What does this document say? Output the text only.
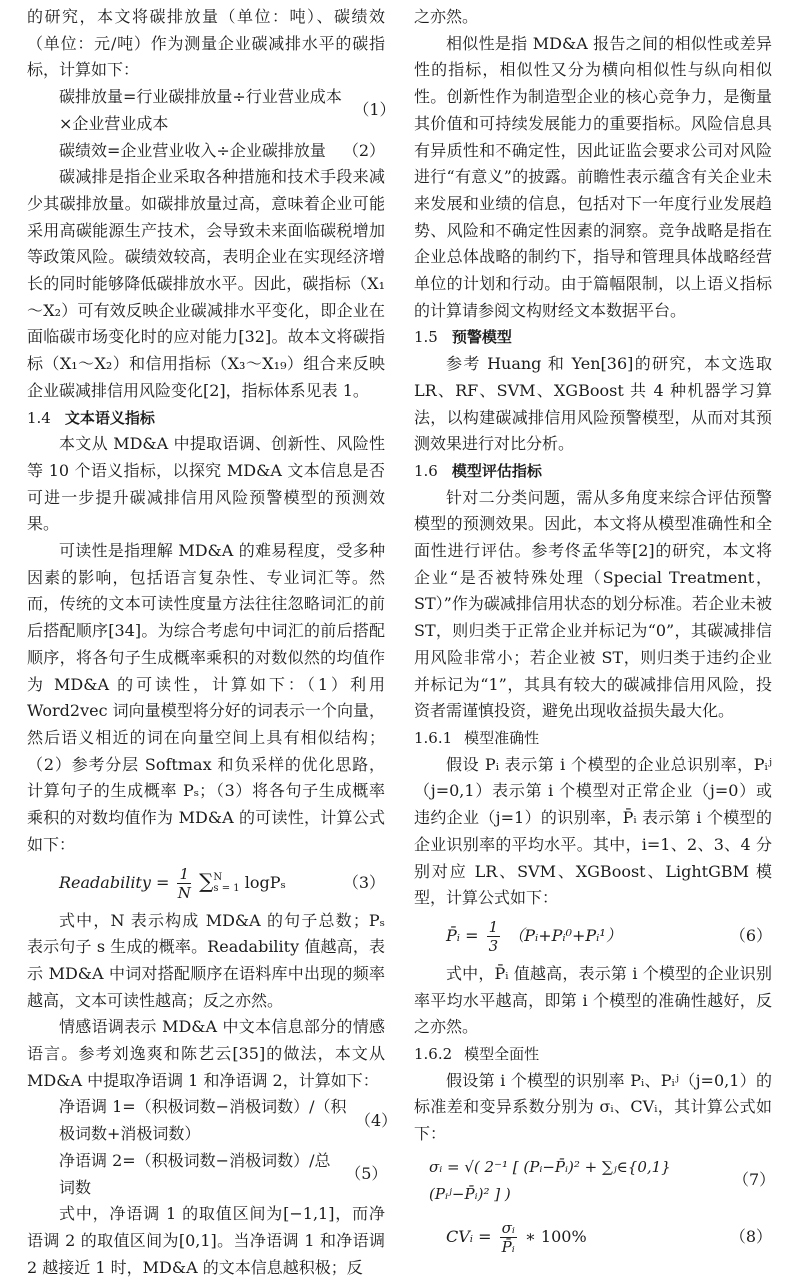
的研究，本文将碳排放量（单位：吨）、碳绩效（单位：元/吨）作为测量企业碳减排水平的碳指标，计算如下：

碳排放量=行业碳排放量÷行业营业成本×企业营业成本
（1）
碳绩效=企业营业收入÷企业碳排放量 （2）

碳减排是指企业采取各种措施和技术手段来减少其碳排放量。如碳排放量过高，意味着企业可能采用高碳能源生产技术，会导致未来面临碳税增加等政策风险。碳绩效较高，表明企业在实现经济增长的同时能够降低碳排放水平。因此，碳指标（X₁～X₂）可有效反映企业碳减排水平变化，即企业在面临碳市场变化时的应对能力[32]。故本文将碳指标（X₁～X₂）和信用指标（X₃～X₁₉）组合来反映企业碳减排信用风险变化[2]，指标体系见表 1。

1.4 文本语义指标

本文从 MD&A 中提取语调、创新性、风险性等 10 个语义指标，以探究 MD&A 文本信息是否可进一步提升碳减排信用风险预警模型的预测效果。

可读性是指理解 MD&A 的难易程度，受多种因素的影响，包括语言复杂性、专业词汇等。然而，传统的文本可读性度量方法往往忽略词汇的前后搭配顺序[34]。为综合考虑句中词汇的前后搭配顺序，将各句子生成概率乘积的对数似然的均值作为 MD&A 的可读性，计算如下：（1）利用 Word2vec 词向量模型将分好的词表示一个向量，然后语义相近的词在向量空间上具有相似结构；（2）参考分层 Softmax 和负采样的优化思路，计算句子的生成概率 Pₛ；（3）将各句子生成概率乘积的对数均值作为 MD&A 的可读性，计算公式如下：

Readability = $\frac{1}{N}$ ∑ N
s = 1 logPₛ	（3）

式中，N 表示构成 MD&A 的句子总数；Pₛ 表示句子 s 生成的概率。Readability 值越高，表示 MD&A 中词对搭配顺序在语料库中出现的频率越高，文本可读性越高；反之亦然。

情感语调表示 MD&A 中文本信息部分的情感语言。参考刘逸爽和陈艺云[35]的做法，本文从 MD&A 中提取净语调 1 和净语调 2，计算如下：

净语调 1=（积极词数−消极词数）/（积极词数+消极词数）
（4）
净语调 2=（积极词数−消极词数）/总词数
（5）

式中，净语调 1 的取值区间为[−1,1]，而净语调 2 的取值区间为[0,1]。当净语调 1 和净语调 2 越接近 1 时，MD&A 的文本信息越积极；反

之亦然。

相似性是指 MD&A 报告之间的相似性或差异性的指标，相似性又分为横向相似性与纵向相似性。创新性作为制造型企业的核心竞争力，是衡量其价值和可持续发展能力的重要指标。风险信息具有异质性和不确定性，因此证监会要求公司对风险进行“有意义”的披露。前瞻性表示蕴含有关企业未来发展和业绩的信息，包括对下一年度行业发展趋势、风险和不确定性因素的洞察。竞争战略是指在企业总体战略的制约下，指导和管理具体战略经营单位的计划和行动。由于篇幅限制，以上语义指标的计算请参阅文构财经文本数据平台。

1.5 预警模型

参考 Huang 和 Yen[36]的研究，本文选取 LR、RF、SVM、XGBoost 共 4 种机器学习算法，以构建碳减排信用风险预警模型，从而对其预测效果进行对比分析。

1.6 模型评估指标

针对二分类问题，需从多角度来综合评估预警模型的预测效果。因此，本文将从模型准确性和全面性进行评估。参考佟孟华等[2]的研究，本文将企业“是否被特殊处理（Special Treatment，ST）”作为碳减排信用状态的划分标准。若企业未被 ST，则归类于正常企业并标记为“0”，其碳减排信用风险非常小；若企业被 ST，则归类于违约企业并标记为“1”，其具有较大的碳减排信用风险，投资者需谨慎投资，避免出现收益损失最大化。

1.6.1 模型准确性

假设 Pᵢ 表示第 i 个模型的企业总识别率，Pᵢʲ（j=0,1）表示第 i 个模型对正常企业（j=0）或违约企业（j=1）的识别率，P̄ᵢ 表示第 i 个模型的企业识别率的平均水平。其中，i=1、2、3、4 分别对应 LR、SVM、XGBoost、LightGBM 模型，计算公式如下：

P̄ᵢ = $\frac{1}{3}$ （Pᵢ+Pᵢ⁰+Pᵢ¹）	（6）

式中，P̄ᵢ 值越高，表示第 i 个模型的企业识别率平均水平越高，即第 i 个模型的准确性越好，反之亦然。

1.6.2 模型全面性

假设第 i 个模型的识别率 Pᵢ、Pᵢʲ（j=0,1）的标准差和变异系数分别为 σᵢ、CVᵢ，其计算公式如下：

σᵢ = √( 2⁻¹ [ (Pᵢ−P̄ᵢ)² + ∑ⱼ∈{0,1} (Pᵢʲ−P̄ᵢ)² ] )
（7）
CVᵢ = $\frac{\text{σᵢ}}{\text{P̄ᵢ}}$ ∗ 100%	（8）
